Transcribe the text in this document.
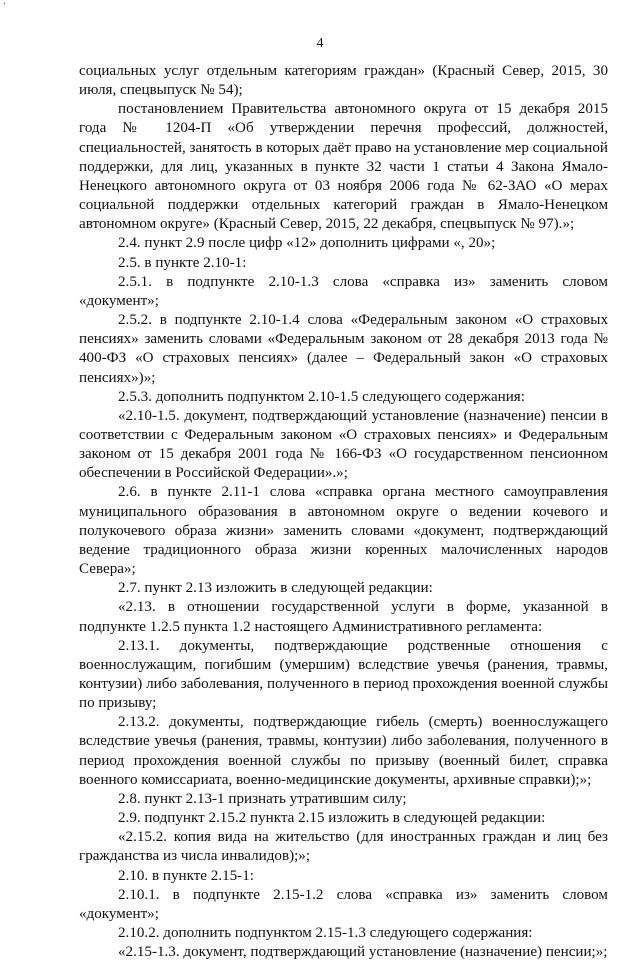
ʽ
4

социальных услуг отдельным категориям граждан» (Красный Север, 2015, 30 июля, спецвыпуск № 54);

постановлением Правительства автономного округа от 15 декабря 2015 года № 1204-П «Об утверждении перечня профессий, должностей, специальностей, занятость в которых даёт право на установление мер социальной поддержки, для лиц, указанных в пункте 32 части 1 статьи 4 Закона Ямало-Ненецкого автономного округа от 03 ноября 2006 года № 62-ЗАО «О мерах социальной поддержки отдельных категорий граждан в Ямало-Ненецком автономном округе» (Красный Север, 2015, 22 декабря, спецвыпуск № 97).»;

2.4. пункт 2.9 после цифр «12» дополнить цифрами «, 20»;

2.5. в пункте 2.10-1:

2.5.1. в подпункте 2.10-1.3 слова «справка из» заменить словом «документ»;

2.5.2. в подпункте 2.10-1.4 слова «Федеральным законом «О страховых пенсиях» заменить словами «Федеральным законом от 28 декабря 2013 года № 400-ФЗ «О страховых пенсиях» (далее – Федеральный закон «О страховых пенсиях»)»;

2.5.3. дополнить подпунктом 2.10-1.5 следующего содержания:

«2.10-1.5. документ, подтверждающий установление (назначение) пенсии в соответствии с Федеральным законом «О страховых пенсиях» и Федеральным законом от 15 декабря 2001 года № 166-ФЗ «О государственном пенсионном обеспечении в Российской Федерации».»;

2.6. в пункте 2.11-1 слова «справка органа местного самоуправления муниципального образования в автономном округе о ведении кочевого и полукочевого образа жизни» заменить словами «документ, подтверждающий ведение традиционного образа жизни коренных малочисленных народов Севера»;

2.7. пункт 2.13 изложить в следующей редакции:

«2.13. в отношении государственной услуги в форме, указанной в подпункте 1.2.5 пункта 1.2 настоящего Административного регламента:

2.13.1. документы, подтверждающие родственные отношения с военнослужащим, погибшим (умершим) вследствие увечья (ранения, травмы, контузии) либо заболевания, полученного в период прохождения военной службы по призыву;

2.13.2. документы, подтверждающие гибель (смерть) военнослужащего вследствие увечья (ранения, травмы, контузии) либо заболевания, полученного в период прохождения военной службы по призыву (военный билет, справка военного комиссариата, военно-медицинские документы, архивные справки);»;

2.8. пункт 2.13-1 признать утратившим силу;

2.9. подпункт 2.15.2 пункта 2.15 изложить в следующей редакции:

«2.15.2. копия вида на жительство (для иностранных граждан и лиц без гражданства из числа инвалидов);»;

2.10. в пункте 2.15-1:

2.10.1. в подпункте 2.15-1.2 слова «справка из» заменить словом «документ»;

2.10.2. дополнить подпунктом 2.15-1.3 следующего содержания:

«2.15-1.3. документ, подтверждающий установление (назначение) пенсии;»;
